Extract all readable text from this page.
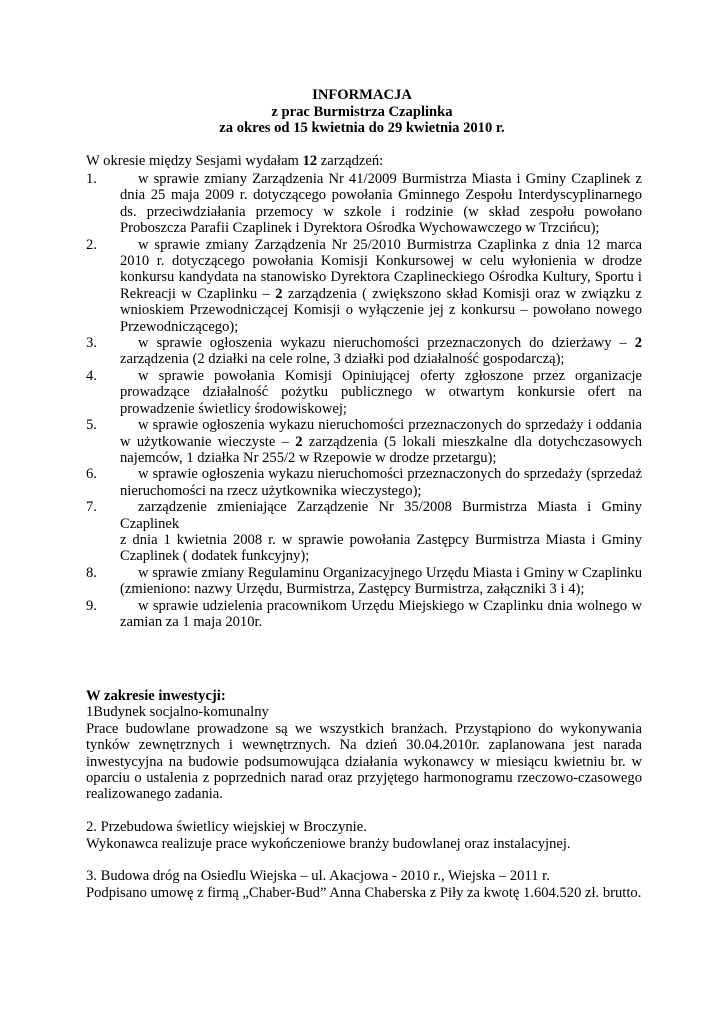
INFORMACJA
z prac Burmistrza Czaplinka
za okres od 15 kwietnia do 29 kwietnia 2010 r.
W okresie między Sesjami wydałam 12 zarządzeń:
1.	w sprawie zmiany Zarządzenia Nr 41/2009 Burmistrza Miasta i Gminy Czaplinek z dnia 25 maja 2009 r. dotyczącego powołania Gminnego Zespołu Interdyscyplinarnego ds. przeciwdziałania przemocy w szkole i rodzinie (w skład zespołu powołano Proboszcza Parafii Czaplinek i Dyrektora Ośrodka Wychowawczego w Trzcińcu);
2.	w sprawie zmiany Zarządzenia Nr 25/2010 Burmistrza Czaplinka z dnia 12 marca 2010 r. dotyczącego powołania Komisji Konkursowej w celu wyłonienia w drodze konkursu kandydata na stanowisko Dyrektora Czaplineckiego Ośrodka Kultury, Sportu i Rekreacji w Czaplinku – 2 zarządzenia ( zwiększono skład Komisji oraz w związku z wnioskiem Przewodniczącej Komisji o wyłączenie jej z konkursu – powołano nowego Przewodniczącego);
3.	w sprawie ogłoszenia wykazu nieruchomości przeznaczonych do dzierżawy – 2 zarządzenia (2 działki na cele rolne, 3 działki pod działalność gospodarczą);
4.	w sprawie powołania Komisji Opiniującej oferty zgłoszone przez organizacje prowadzące działalność pożytku publicznego w otwartym konkursie ofert na prowadzenie świetlicy środowiskowej;
5.	w sprawie ogłoszenia wykazu nieruchomości przeznaczonych do sprzedaży i oddania w użytkowanie wieczyste – 2 zarządzenia (5 lokali mieszkalne dla dotychczasowych najemców, 1 działka Nr 255/2 w Rzepowie w drodze przetargu);
6.	w sprawie ogłoszenia wykazu nieruchomości przeznaczonych do sprzedaży (sprzedaż nieruchomości na rzecz użytkownika wieczystego);
7.	zarządzenie zmieniające Zarządzenie Nr 35/2008 Burmistrza Miasta i Gminy Czaplinek
z dnia 1 kwietnia 2008 r. w sprawie powołania Zastępcy Burmistrza Miasta i Gminy Czaplinek ( dodatek funkcyjny);
8.	w sprawie zmiany Regulaminu Organizacyjnego Urzędu Miasta i Gminy w Czaplinku (zmieniono: nazwy Urzędu, Burmistrza, Zastępcy Burmistrza, załączniki 3 i 4);
9.	w sprawie udzielenia pracownikom Urzędu Miejskiego w Czaplinku dnia wolnego w zamian za 1 maja 2010r.
W zakresie inwestycji:
1Budynek socjalno-komunalny
Prace budowlane prowadzone są we wszystkich branżach. Przystąpiono do wykonywania tynków zewnętrznych i wewnętrznych. Na dzień 30.04.2010r. zaplanowana jest narada inwestycyjna na budowie podsumowująca działania wykonawcy w miesiącu kwietniu br. w oparciu o ustalenia z poprzednich narad oraz przyjętego harmonogramu rzeczowo-czasowego realizowanego zadania.
2. Przebudowa świetlicy wiejskiej w Broczynie.
Wykonawca realizuje prace wykończeniowe branży budowlanej oraz instalacyjnej.
3. Budowa dróg na Osiedlu Wiejska – ul. Akacjowa - 2010 r., Wiejska – 2011 r.
Podpisano umowę z firmą „Chaber-Bud” Anna Chaberska z Piły za kwotę 1.604.520 zł. brutto.
